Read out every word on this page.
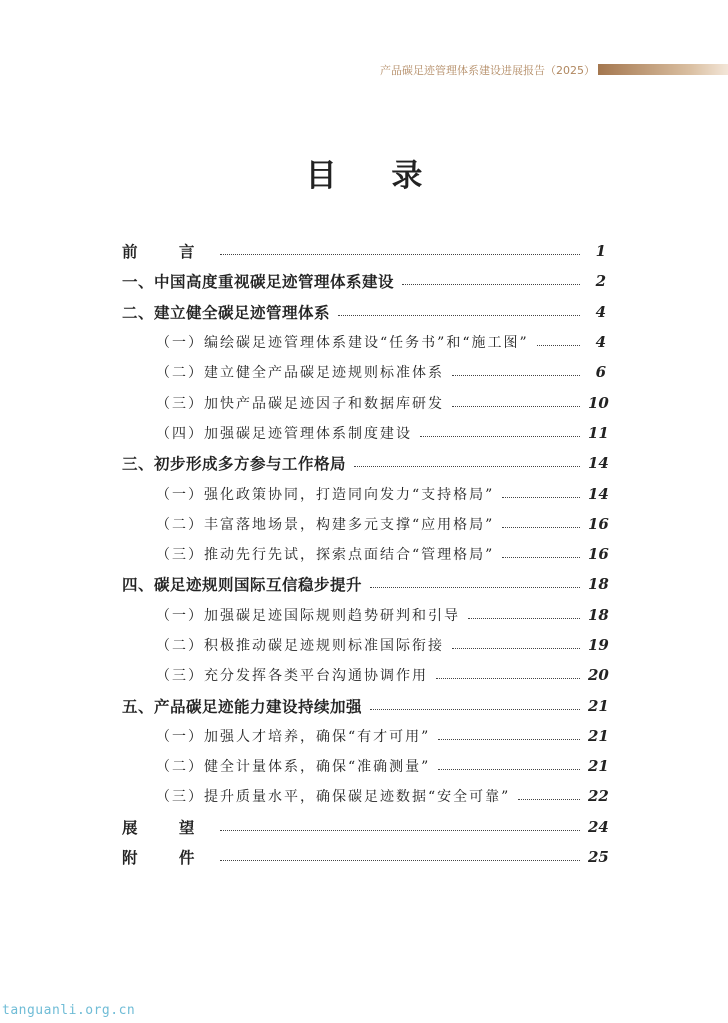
产品碳足迹管理体系建设进展报告（2025）
目 录
前 言	1
一、中国高度重视碳足迹管理体系建设	2
二、建立健全碳足迹管理体系	4
（一）编绘碳足迹管理体系建设“任务书”和“施工图”	4
（二）建立健全产品碳足迹规则标准体系	6
（三）加快产品碳足迹因子和数据库研发	10
（四）加强碳足迹管理体系制度建设	11
三、初步形成多方参与工作格局	14
（一）强化政策协同，打造同向发力“支持格局”	14
（二）丰富落地场景，构建多元支撑“应用格局”	16
（三）推动先行先试，探索点面结合“管理格局”	16
四、碳足迹规则国际互信稳步提升	18
（一）加强碳足迹国际规则趋势研判和引导	18
（二）积极推动碳足迹规则标准国际衔接	19
（三）充分发挥各类平台沟通协调作用	20
五、产品碳足迹能力建设持续加强	21
（一）加强人才培养，确保“有才可用”	21
（二）健全计量体系，确保“准确测量”	21
（三）提升质量水平，确保碳足迹数据“安全可靠”	22
展 望	24
附 件	25
tanguanli.org.cn
